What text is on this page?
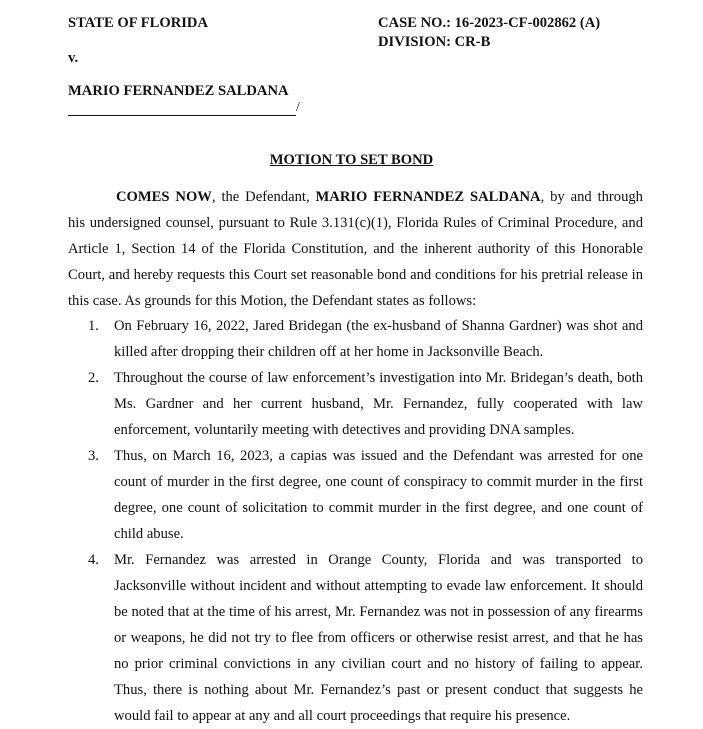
STATE OF FLORIDA	CASE NO.: 16-2023-CF-002862 (A)
DIVISION: CR-B
v.
MARIO FERNANDEZ SALDANA
/
MOTION TO SET BOND
COMES NOW, the Defendant, MARIO FERNANDEZ SALDANA, by and through his undersigned counsel, pursuant to Rule 3.131(c)(1), Florida Rules of Criminal Procedure, and Article 1, Section 14 of the Florida Constitution, and the inherent authority of this Honorable Court, and hereby requests this Court set reasonable bond and conditions for his pretrial release in this case. As grounds for this Motion, the Defendant states as follows:
1. On February 16, 2022, Jared Bridegan (the ex-husband of Shanna Gardner) was shot and killed after dropping their children off at her home in Jacksonville Beach.
2. Throughout the course of law enforcement’s investigation into Mr. Bridegan’s death, both Ms. Gardner and her current husband, Mr. Fernandez, fully cooperated with law enforcement, voluntarily meeting with detectives and providing DNA samples.
3. Thus, on March 16, 2023, a capias was issued and the Defendant was arrested for one count of murder in the first degree, one count of conspiracy to commit murder in the first degree, one count of solicitation to commit murder in the first degree, and one count of child abuse.
4. Mr. Fernandez was arrested in Orange County, Florida and was transported to Jacksonville without incident and without attempting to evade law enforcement. It should be noted that at the time of his arrest, Mr. Fernandez was not in possession of any firearms or weapons, he did not try to flee from officers or otherwise resist arrest, and that he has no prior criminal convictions in any civilian court and no history of failing to appear. Thus, there is nothing about Mr. Fernandez’s past or present conduct that suggests he would fail to appear at any and all court proceedings that require his presence.
